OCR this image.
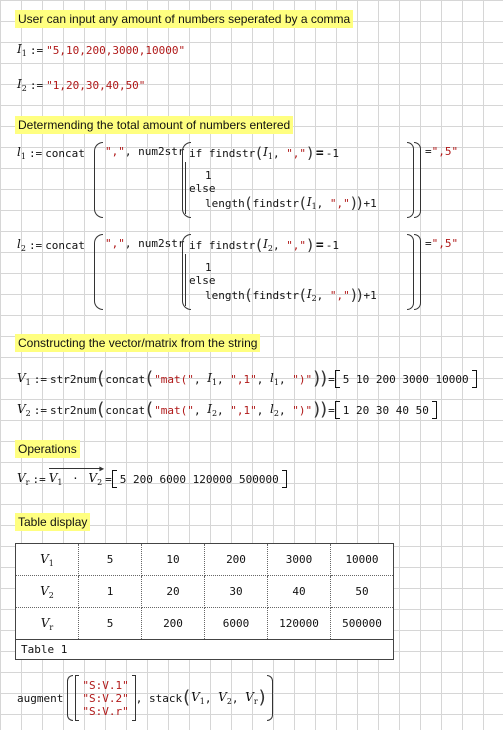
User can input any amount of numbers seperated by a comma
$I_1$ := "5,10,200,3000,10000"
$I_2$ := "1,20,30,40,50"
Determending the total amount of numbers entered
$l_1$ := concat "," , num2str if
findstr ( $I_1$ , "," ) = -1
1
else
length ( findstr ( $I_1$ , "," )) +1
= ",5"
$l_2$ := concat "," , num2str if
findstr ( $I_2$ , "," ) = -1
1
else
length ( findstr ( $I_2$ , "," )) +1
= ",5"
Constructing the vector/matrix from the string
$V_1$ := str2num ( concat ( "mat(" , $I_1$ , ",1" , $l_1$ , ")" )) = 5 10 200 3000 10000
$V_2$ := str2num ( concat ( "mat(" , $I_2$ , ",1" , $l_2$ , ")" )) = 1 20 30 40 50
Operations
$V_r$ :=
▶
$V_1 \cdot V_2 = 5$ 200 6000 120000 500000
Table display
$V_1$	5	10	200	3000	10000
$V_2$	1	20	30	40	50
$V_r$	5	200	6000	120000	500000
Table 1					
augment
"S:V.1"
"S:V.2"
"S:V.r"
, stack ( $V_1$ , $V_2$ , $V_r$ )
